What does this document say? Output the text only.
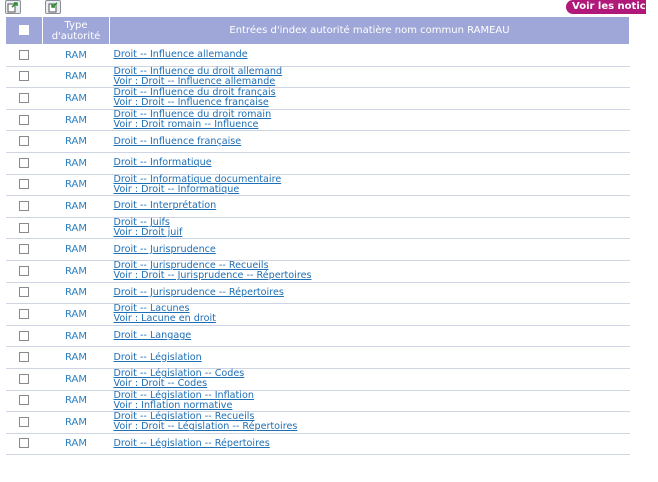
Voir les notices
	Type
d'autorité	Entrées d'index autorité matière nom commun RAMEAU
	RAM	Droit -- Influence allemande

	RAM	Droit -- Influence du droit allemand
Voir : Droit -- Influence allemande

	RAM	Droit -- Influence du droit français
Voir : Droit -- Influence française

	RAM	Droit -- Influence du droit romain
Voir : Droit romain -- Influence

	RAM	Droit -- Influence française

	RAM	Droit -- Informatique

	RAM	Droit -- Informatique documentaire
Voir : Droit -- Informatique

	RAM	Droit -- Interprétation

	RAM	Droit -- Juifs
Voir : Droit juif

	RAM	Droit -- Jurisprudence

	RAM	Droit -- Jurisprudence -- Recueils
Voir : Droit -- Jurisprudence -- Répertoires

	RAM	Droit -- Jurisprudence -- Répertoires

	RAM	Droit -- Lacunes
Voir : Lacune en droit

	RAM	Droit -- Langage

	RAM	Droit -- Législation

	RAM	Droit -- Législation -- Codes
Voir : Droit -- Codes

	RAM	Droit -- Législation -- Inflation
Voir : Inflation normative

	RAM	Droit -- Législation -- Recueils
Voir : Droit -- Législation -- Répertoires

	RAM	Droit -- Législation -- Répertoires
